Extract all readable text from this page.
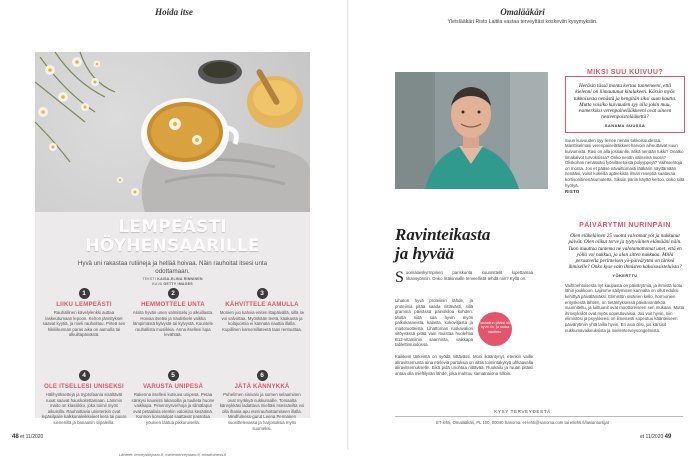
Hoida itse
LEMPEÄSTI
HÖYHENSAARILLE
Hyvä uni rakastaa rutiineja ja hellää hoivaa. Näin rauhoitat itsesi unta odottamaan.
TEKSTI KAISA-ELINA RINNINEN
KUVA GETTY IMAGES
1
LIIKU LEMPEÄSTI
Rauhallinen kävelylenkki auttaa laskeutumaan lepoon. Kehon jännitykset saavat kyytiä, ja mieli rauhoittuu. Pirteä sen hikiliikunnan paras aika on aamulla tai alkuiltapäivästä.
2
HEMMOTTELE UNTA
Aloita hyvän unen valmistelu jo alkuillasta. Hoivaa itseäsi ja nautiskele vaikka lämpimästä kylvystä tai kylvystä. Kuuntele rauhallista musiikkia. Anna itsellesi lupa levähtää.
3
KÄHVITTELE AAMULLA
Monien juo kahvia eniten iltapäivällä, sillä se voi valvottaa. Myöskään teetä, kaakaota ja kolajuomia ei kannata nauttia illalla. Kupillinen kamomillateetä taas rentouttaa.
4
OLE ITSELLESI UNISEKSI
Hälihyöksettejä ja tryptofaania sisältävät ruoat saavat hauskoitettamaan. Lämmin maito on klassikko, joka toimii myös aikuisilla. Rauhoittavia unietenkin ovat lepäsilpaile kalkkunaleikkeleet kera tai puuro sienenillä ja banaanin siipaleilla.
5
VARUSTA UNIPESÄ
Rakenna itsellesi kutsuva unipesä. Petaa sänkysi kauniisti lakanoilla ja tuulleta huone vaikkapa. Pimennysverhoja ja silmälaput ovat petaalisia etenkin valoisina kesäöinä. Kunnon korvatulpat saattavat parantaa yöunien laatua pikkuruisella.
6
JÄTÄ KÄNNYKKÄ
Puhelimen sinivalo ja somen selaaminen ovat myrkkyä nukkumaille. Torsaalta kännykkäsi ladattava mieltäsi itsessävilta voi olla ihania apu etenrauhoittamiseen illalla. Mindfulness-gurut Leena Pennanen suosittelevassa ja harjoituksia myös suomeksi.
Lähteet: terveyskirjasto.fi, mielenterveystalo.fi, mindfulness.fi
48 et 11/2020
Omalääkäri
Yleislääkäri Risto Laitila vastaa terveyttäsi koskeviin kysymyksiin.
Ravinteikasta
ja hyvää
S uomalaiskyrmpinen pariskunta suunnittelit lopettamaa lihansyönnin. Onko lisäkinnalle terveellistä tehdä niin? Kyllä on.
Lihaton hyvä proteiinin lähde, ja proteiinia pitää saada riittävästi, sillä gramma päivässä painokiloa kohden. Mutta niitä saa hyvin myös palkokasveista, kalasta, kokovitjasta ja maitotuotteista. Lihattoman ruokavalion sitöyvässä pitää vain muistaa huolehtia B12-vitamiinin saannista, vaikkapa tablettimuodossa.
Kaikkein tärkeintä on syödä riittävästi. Moni ikääntynyt, etenkin vaille aliravitsemusta aina eteleviä partuksia on alttis toimintakykyä uhkaavalla aliravitsemukselle. Eikä pidä unohtaa riittävää. Ruokailu ja ruuan pitäisi antaa olla mieltilyvän lähde, joka mahtuu samatnaiona silloin.
Ruokailun pitäisi olla hyvin ilo, ja ruoka nautinto.
MIKSI SUU KUIVUU?
Heräsin tässä monta kertaa tunneneeni, että kielenni on liimautunut kitalakeen. Kärsin myös tukkoisesta nenästä ja hengitän siksi suun kautta. Mutta voisiko kuivuuden syy olla jokin muu, esimerkiksi verenpainelääkkeeni ovat aineen nesteenpoistolääkettä?
SANAMA SUUSSA
Suun kuivuuden syy lienee nenän tukkoisuudessa. Manttiselmasi verenpainelääkkeet harvoin aiheuttavat suun kuivumista. Rasi on alla jossainlle. Mikä nenään tukki? Onatko limakalvot turvoksissa? Onko nenän väliseinä suora? Oliskohan nenässäsi fyöniläsetoista polyyppejä? Vaihtoehtoja on monta. Jos et pääse nävaittomasti lääkärin näyttämään nenääsi, voisit kokeilla apteekista ilman reseptiä saatavaa kortisonitinenäsumutetta. Siksiin pariin käyttö kertoo, onko siitä hyötyä.
RISTO
PÄIVÄRYTMI NURINPÄIN
Olen eläkeläinen 25 vuotta valvomat yöt ja nukkunut päivät. Olen olikut terve ja tyytyväinen elämääni näin. Tuon muuttaa tuntema ne valotamattomat unet, että en yöllä voi nukkua, ja alan sitten nukkuaa. Millä perusteella perinteisen yö-päivärytmi on tärkeä ihmiselle? Onko kyse vain ihmisten kaksisosisteluista?
YÖKERTTU
Vaihtoehtoisesta nyt kaupasta on päivärytmiä, ja ihmistä luotu lähin joukkoon. Lajimme säilymisen kannalta on ollut eduksi kehittyä päivälämäksi. Elimistön sisäinen kello, hormonien erityskestä lähtien, on tietäntyksessä päivänsmärköä suunniteltu, ja luittuunit ovat moottoreiseen sen mukaan. Mutta ihmisyksilöt ovat myös sopeutuvaisia. Jos voit hyvin, niin elimistösi ja psyykkeesi on ilmeisesti sopeutuu käänteiseen päivärytmiin yhtä lailla hyvin. Eri asia olisi, jos kärsisit nukkumavaikeuksista ja mielenterveysongelmista.
KYSY TERVEYDESTÄ
ET-lehti, Omalääkäri, PL 100, 00040 Sanoma. et-lehti@sanoma.com tai etlehti.fi/lasiantuntijat
et 11/2020 49
